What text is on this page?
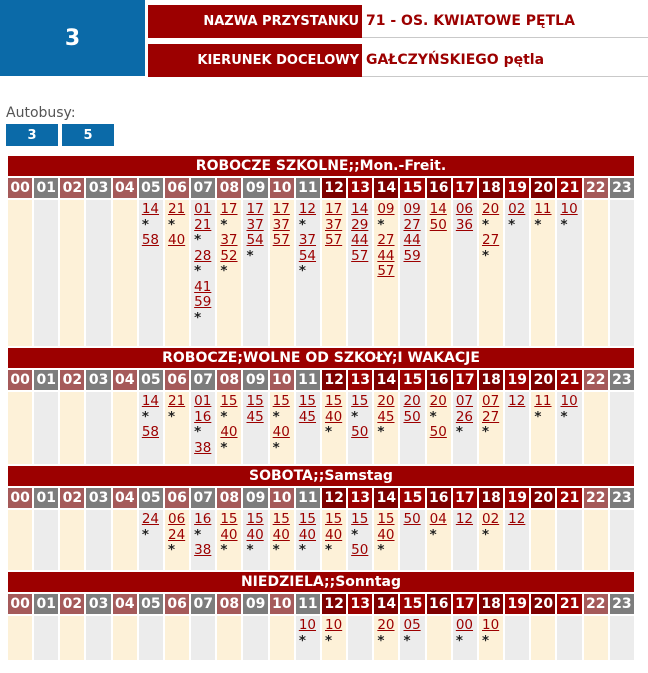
3
NAZWA PRZYSTANKU 71 - OS. KWIATOWE PĘTLA
KIERUNEK DOCELOWY GAŁCZYŃSKIEGO pętla
Autobusy:
3	5
ROBOCZE SZKOLNE;;Mon.-Freit.
00 01 02 03 04 05 06 07 08 09 10 11 12 13 14 15 16 17 18 19 20 21 22 23
14
*
58
21
*
40
01
21
*
28
*
41
59
*
17
*
37
52
*
17
37
54
*
17
37
57
12
*
37
54
*
17
37
57
14
29
44
57
09
*
27
44
57
09
27
44
59
14
50
06
36
20
*
27
*
02
*
11
*
10
*
ROBOCZE;WOLNE OD SZKOŁY;I WAKACJE
00 01 02 03 04 05 06 07 08 09 10 11 12 13 14 15 16 17 18 19 20 21 22 23
14
*
58
21
*
01
16
*
38
15
*
40
*
15
45
15
*
40
*
15
45
15
40
*
15
*
50
20
45
*
20
50
20
*
50
07
26
*
07
27
*
12 11
*
10
*
SOBOTA;;Samstag
00 01 02 03 04 05 06 07 08 09 10 11 12 13 14 15 16 17 18 19 20 21 22 23
24
*
06
24
*
16
*
38
15
40
*
15
40
*
15
40
*
15
40
*
15
40
*
15
*
50
15
40
*
50 04
*
12 02
*
12
NIEDZIELA;;Sonntag
00 01 02 03 04 05 06 07 08 09 10 11 12 13 14 15 16 17 18 19 20 21 22 23
10
*
10
*
20
*
05
*
00
*
10
*
